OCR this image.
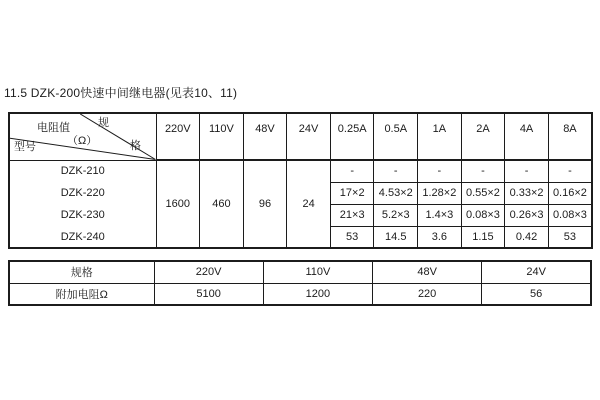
11.5 DZK-200快速中间继电器(见表10、11)
电阻值
（Ω）
规
格
型号	220V	110V	48V	24V	0.25A	0.5A	1A	2A	4A	8A
DZK-210	1600	460	96	24	-	-	-	-	-	-
DZK-220					17×2	4.53×2	1.28×2	0.55×2	0.33×2	0.16×2
DZK-230					21×3	5.2×3	1.4×3	0.08×3	0.26×3	0.08×3
DZK-240					53	14.5	3.6	1.15	0.42	53
规格	220V	110V	48V	24V
附加电阻Ω	5100	1200	220	56
